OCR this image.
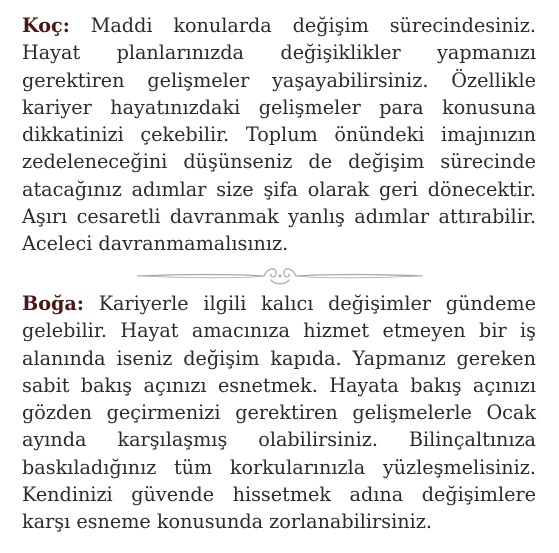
Koç: Maddi konularda değişim sürecindesiniz. Hayat planlarınızda değişiklikler yapmanızı gerektiren gelişmeler yaşayabilirsiniz. Özellikle kariyer hayatınızdaki gelişmeler para konusuna dikkatinizi çekebilir. Toplum önündeki imajınızın zedeleneceğini düşünseniz de değişim sürecinde atacağınız adımlar size şifa olarak geri dönecektir. Aşırı cesaretli davranmak yanlış adımlar attırabilir. Aceleci davranmamalısınız.
Boğa: Kariyerle ilgili kalıcı değişimler gündeme gelebilir. Hayat amacınıza hizmet etmeyen bir iş alanında iseniz değişim kapıda. Yapmanız gereken sabit bakış açınızı esnetmek. Hayata bakış açınızı gözden geçirmenizi gerektiren gelişmelerle Ocak ayında karşılaşmış olabilirsiniz. Bilinçaltınıza baskıladığınız tüm korkularınızla yüzleşmelisiniz. Kendinizi güvende hissetmek adına değişimlere karşı esneme konusunda zorlanabilirsiniz.
